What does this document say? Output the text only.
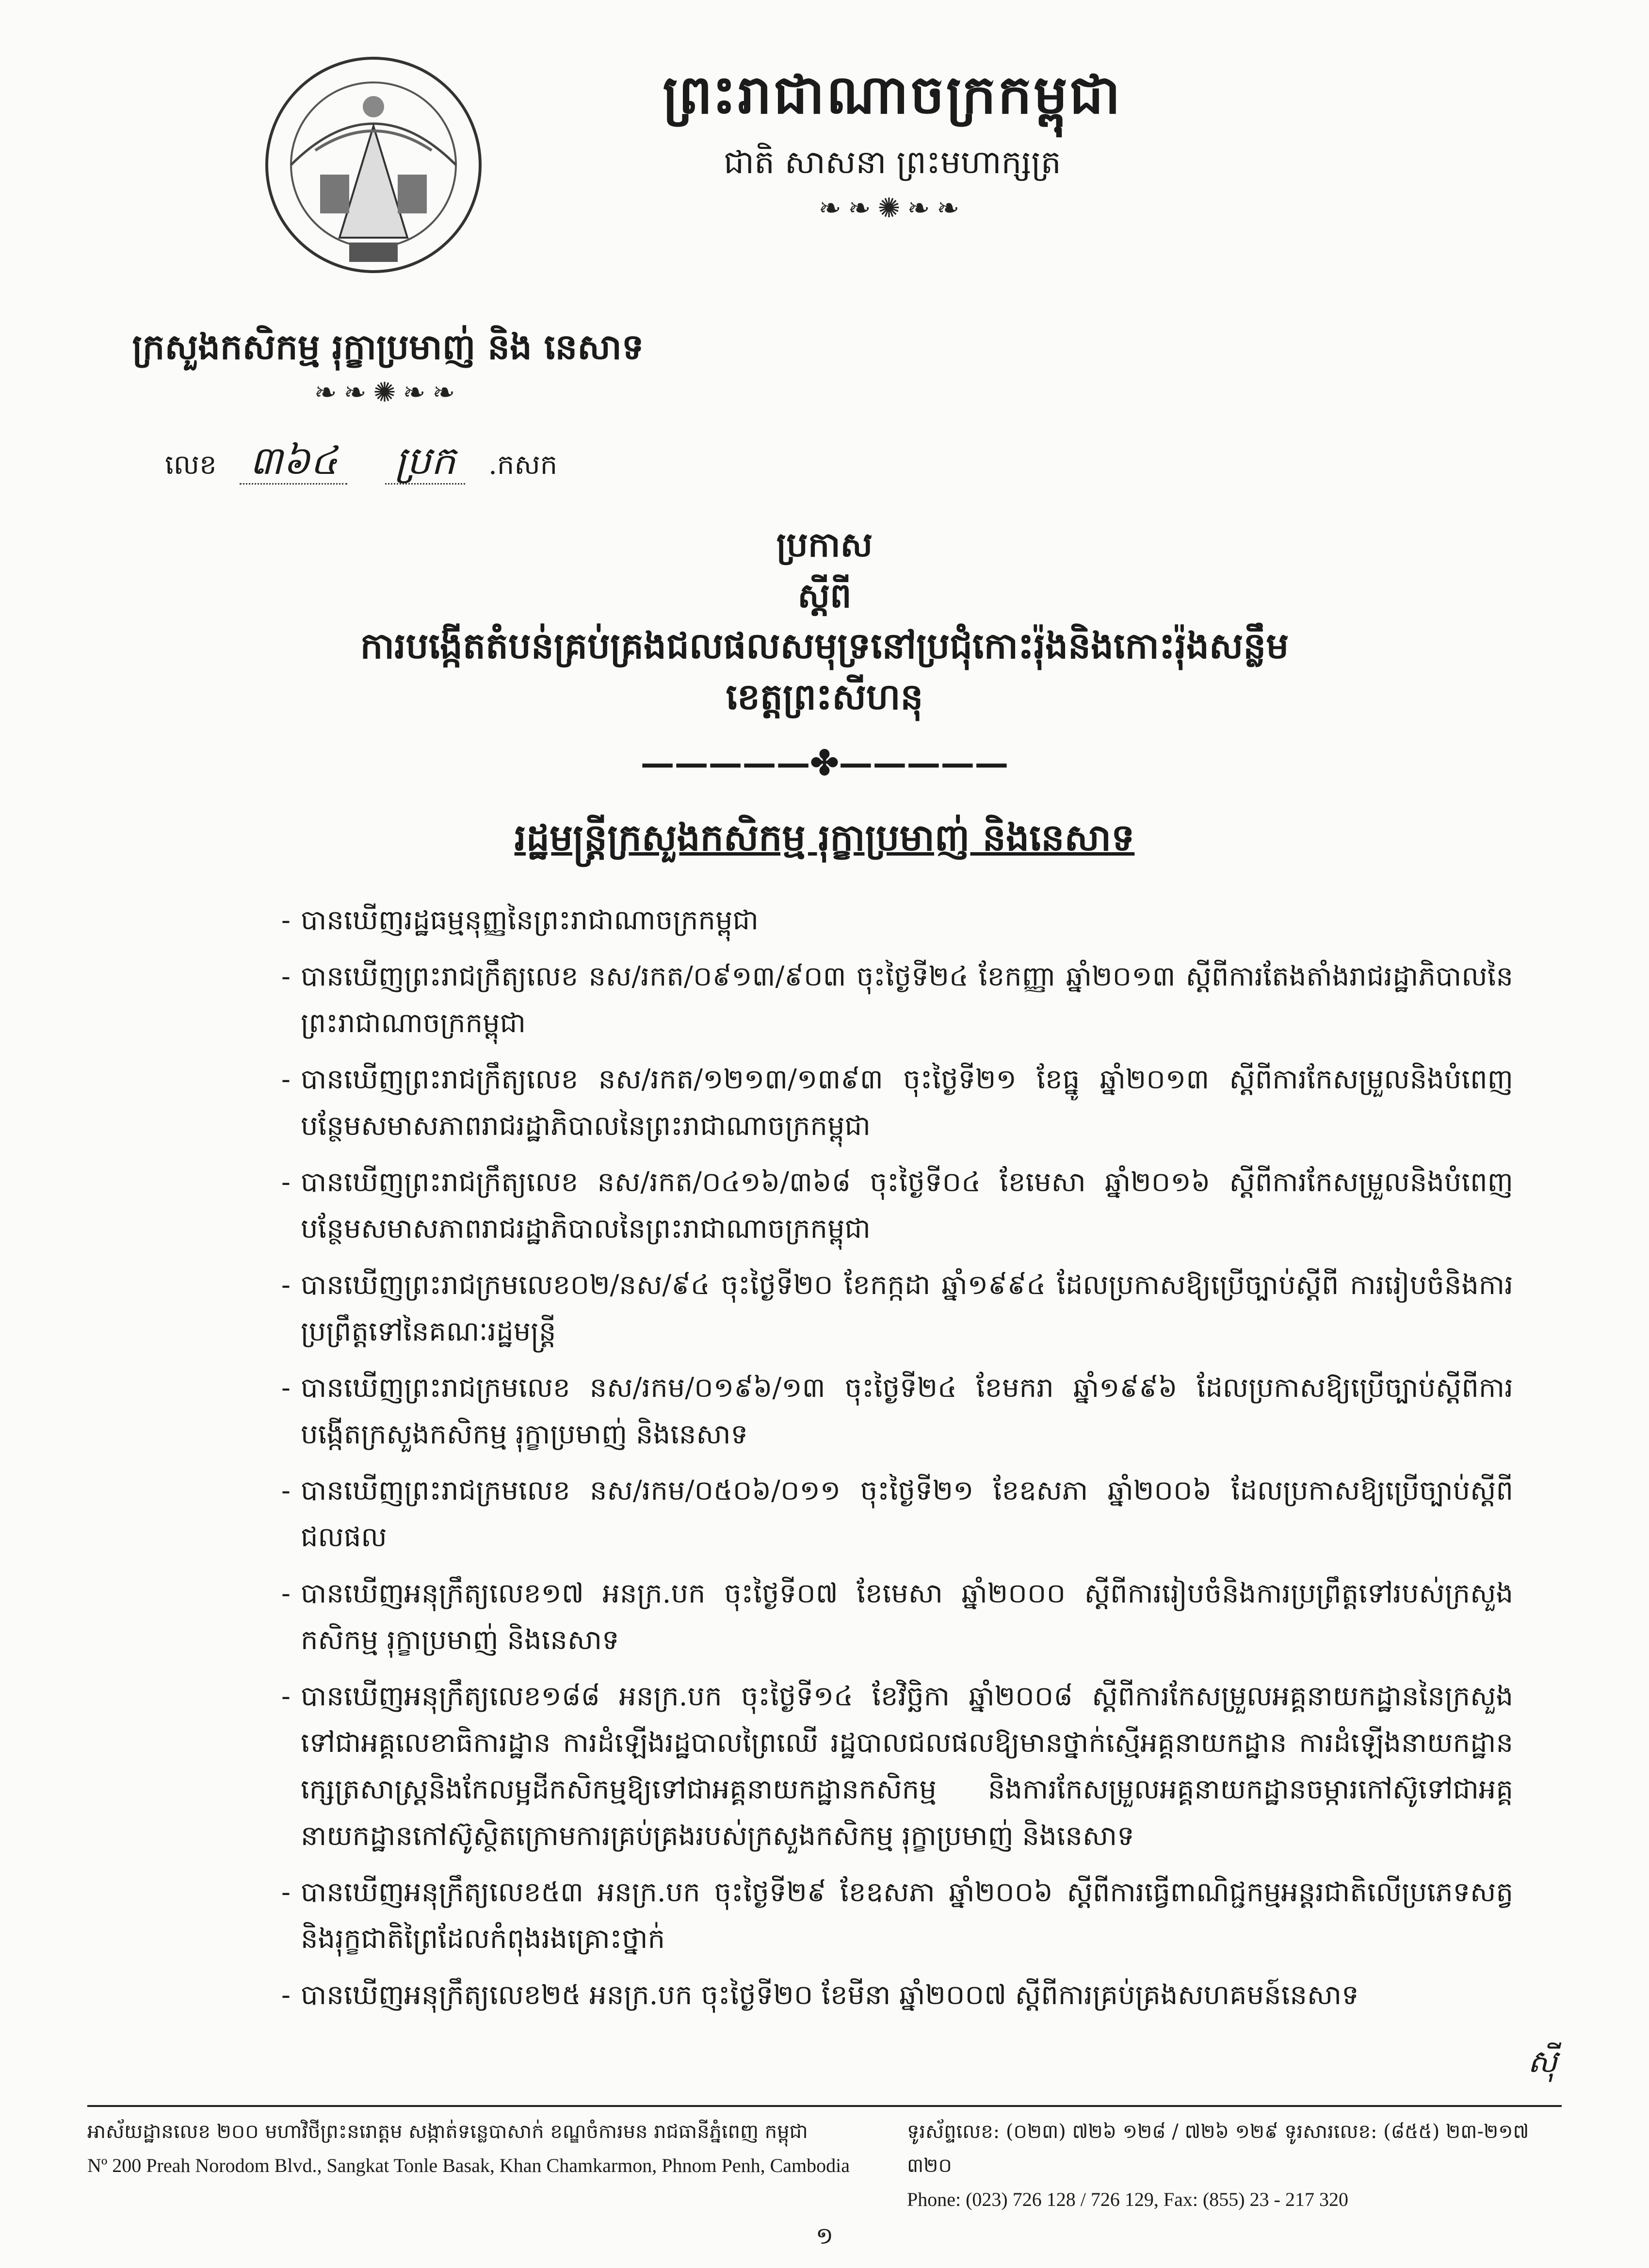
ព្រះរាជាណាចក្រកម្ពុជា
ជាតិ សាសនា ព្រះមហាក្សត្រ
❧❧✺❧❧
ក្រសួងកសិកម្ម រុក្ខាប្រមាញ់ និង នេសាទ
❧❧✺❧❧
លេខ ៣៦៤ ប្រក .កសក
ប្រកាស
ស្តីពី
ការបង្កើតតំបន់គ្រប់គ្រងជលផលសមុទ្រនៅប្រជុំកោះរ៉ុងនិងកោះរ៉ុងសន្លឹម
ខេត្តព្រះសីហនុ
—————✤—————
រដ្ឋមន្ត្រីក្រសួងកសិកម្ម រុក្ខាប្រមាញ់ និងនេសាទ
- បានឃើញរដ្ឋធម្មនុញ្ញនៃព្រះរាជាណាចក្រកម្ពុជា
- បានឃើញព្រះរាជក្រឹត្យលេខ នស/រកត/០៩១៣/៩០៣ ចុះថ្ងៃទី២៤ ខែកញ្ញា ឆ្នាំ២០១៣ ស្តីពីការតែងតាំងរាជរដ្ឋាភិបាលនៃព្រះរាជាណាចក្រកម្ពុជា
- បានឃើញព្រះរាជក្រឹត្យលេខ នស/រកត/១២១៣/១៣៩៣ ចុះថ្ងៃទី២១ ខែធ្នូ ឆ្នាំ២០១៣ ស្តីពីការកែសម្រួលនិងបំពេញបន្ថែមសមាសភាពរាជរដ្ឋាភិបាលនៃព្រះរាជាណាចក្រកម្ពុជា
- បានឃើញព្រះរាជក្រឹត្យលេខ នស/រកត/០៤១៦/៣៦៨ ចុះថ្ងៃទី០៤ ខែមេសា ឆ្នាំ២០១៦ ស្តីពីការកែសម្រួលនិងបំពេញបន្ថែមសមាសភាពរាជរដ្ឋាភិបាលនៃព្រះរាជាណាចក្រកម្ពុជា
- បានឃើញព្រះរាជក្រមលេខ០២/នស/៩៤ ចុះថ្ងៃទី២០ ខែកក្កដា ឆ្នាំ១៩៩៤ ដែលប្រកាសឱ្យប្រើច្បាប់ស្តីពី ការរៀបចំនិងការប្រព្រឹត្តទៅនៃគណៈរដ្ឋមន្ត្រី
- បានឃើញព្រះរាជក្រមលេខ នស/រកម/០១៩៦/១៣ ចុះថ្ងៃទី២៤ ខែមករា ឆ្នាំ១៩៩៦ ដែលប្រកាសឱ្យប្រើច្បាប់ស្តីពីការបង្កើតក្រសួងកសិកម្ម រុក្ខាប្រមាញ់ និងនេសាទ
- បានឃើញព្រះរាជក្រមលេខ នស/រកម/០៥០៦/០១១ ចុះថ្ងៃទី២១ ខែឧសភា ឆ្នាំ២០០៦ ដែលប្រកាសឱ្យប្រើច្បាប់ស្តីពីជលផល
- បានឃើញអនុក្រឹត្យលេខ១៧ អនក្រ.បក ចុះថ្ងៃទី០៧ ខែមេសា ឆ្នាំ២០០០ ស្តីពីការរៀបចំនិងការប្រព្រឹត្តទៅរបស់ក្រសួងកសិកម្ម រុក្ខាប្រមាញ់ និងនេសាទ
- បានឃើញអនុក្រឹត្យលេខ១៨៨ អនក្រ.បក ចុះថ្ងៃទី១៤ ខែវិច្ឆិកា ឆ្នាំ២០០៨ ស្តីពីការកែសម្រួលអគ្គនាយកដ្ឋាននៃក្រសួងទៅជាអគ្គលេខាធិការដ្ឋាន ការដំឡើងរដ្ឋបាលព្រៃឈើ រដ្ឋបាលជលផលឱ្យមានថ្នាក់ស្មើអគ្គនាយកដ្ឋាន ការដំឡើងនាយកដ្ឋានក្សេត្រសាស្ត្រនិងកែលម្អដីកសិកម្មឱ្យទៅជាអគ្គនាយកដ្ឋានកសិកម្ម និងការកែសម្រួលអគ្គនាយកដ្ឋានចម្ការកៅស៊ូទៅជាអគ្គនាយកដ្ឋានកៅស៊ូស្ថិតក្រោមការគ្រប់គ្រងរបស់ក្រសួងកសិកម្ម រុក្ខាប្រមាញ់ និងនេសាទ
- បានឃើញអនុក្រឹត្យលេខ៥៣ អនក្រ.បក ចុះថ្ងៃទី២៩ ខែឧសភា ឆ្នាំ២០០៦ ស្តីពីការធ្វើពាណិជ្ជកម្មអន្តរជាតិលើប្រភេទសត្វនិងរុក្ខជាតិព្រៃដែលកំពុងរងគ្រោះថ្នាក់
- បានឃើញអនុក្រឹត្យលេខ២៥ អនក្រ.បក ចុះថ្ងៃទី២០ ខែមីនា ឆ្នាំ២០០៧ ស្តីពីការគ្រប់គ្រងសហគមន៍នេសាទ
ស៊ី
អាស័យដ្ឋានលេខ ២០០ មហាវិថីព្រះនរោត្តម សង្កាត់ទន្លេបាសាក់ ខណ្ឌចំការមន រាជធានីភ្នំពេញ កម្ពុជា
Nº 200 Preah Norodom Blvd., Sangkat Tonle Basak, Khan Chamkarmon, Phnom Penh, Cambodia
ទូរស័ព្ទលេខ: (០២៣) ៧២៦ ១២៨ / ៧២៦ ១២៩ ទូរសារលេខ: (៨៥៥) ២៣-២១៧ ៣២០
Phone: (023) 726 128 / 726 129, Fax: (855) 23 - 217 320
១
